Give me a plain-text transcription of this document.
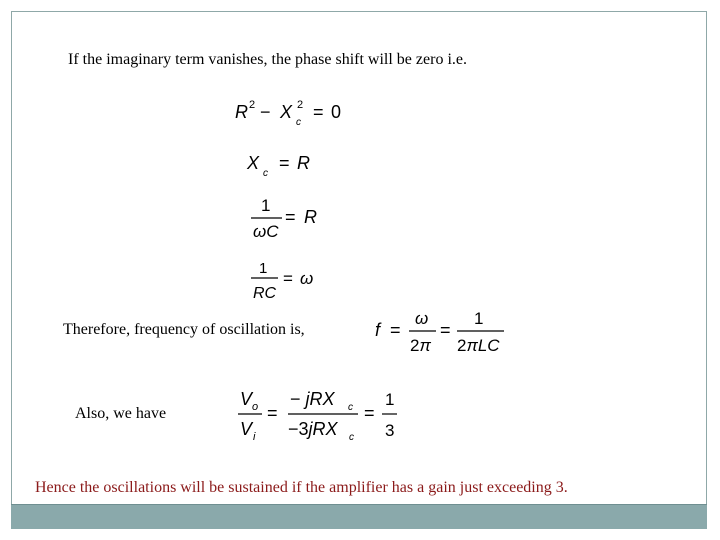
If the imaginary term vanishes, the phase shift will be zero i.e.
R 2 − X 2
c
= 0
X
c
= R
1
ωC
= R
1
RC
= ω
Therefore, frequency of oscillation is,	f =
ω
2π
=
1
2πLC
Also, we have
V o
V i
=
− jRX c
−3jRX c
=
1
3
Hence the oscillations will be sustained if the amplifier has a gain just exceeding 3.
